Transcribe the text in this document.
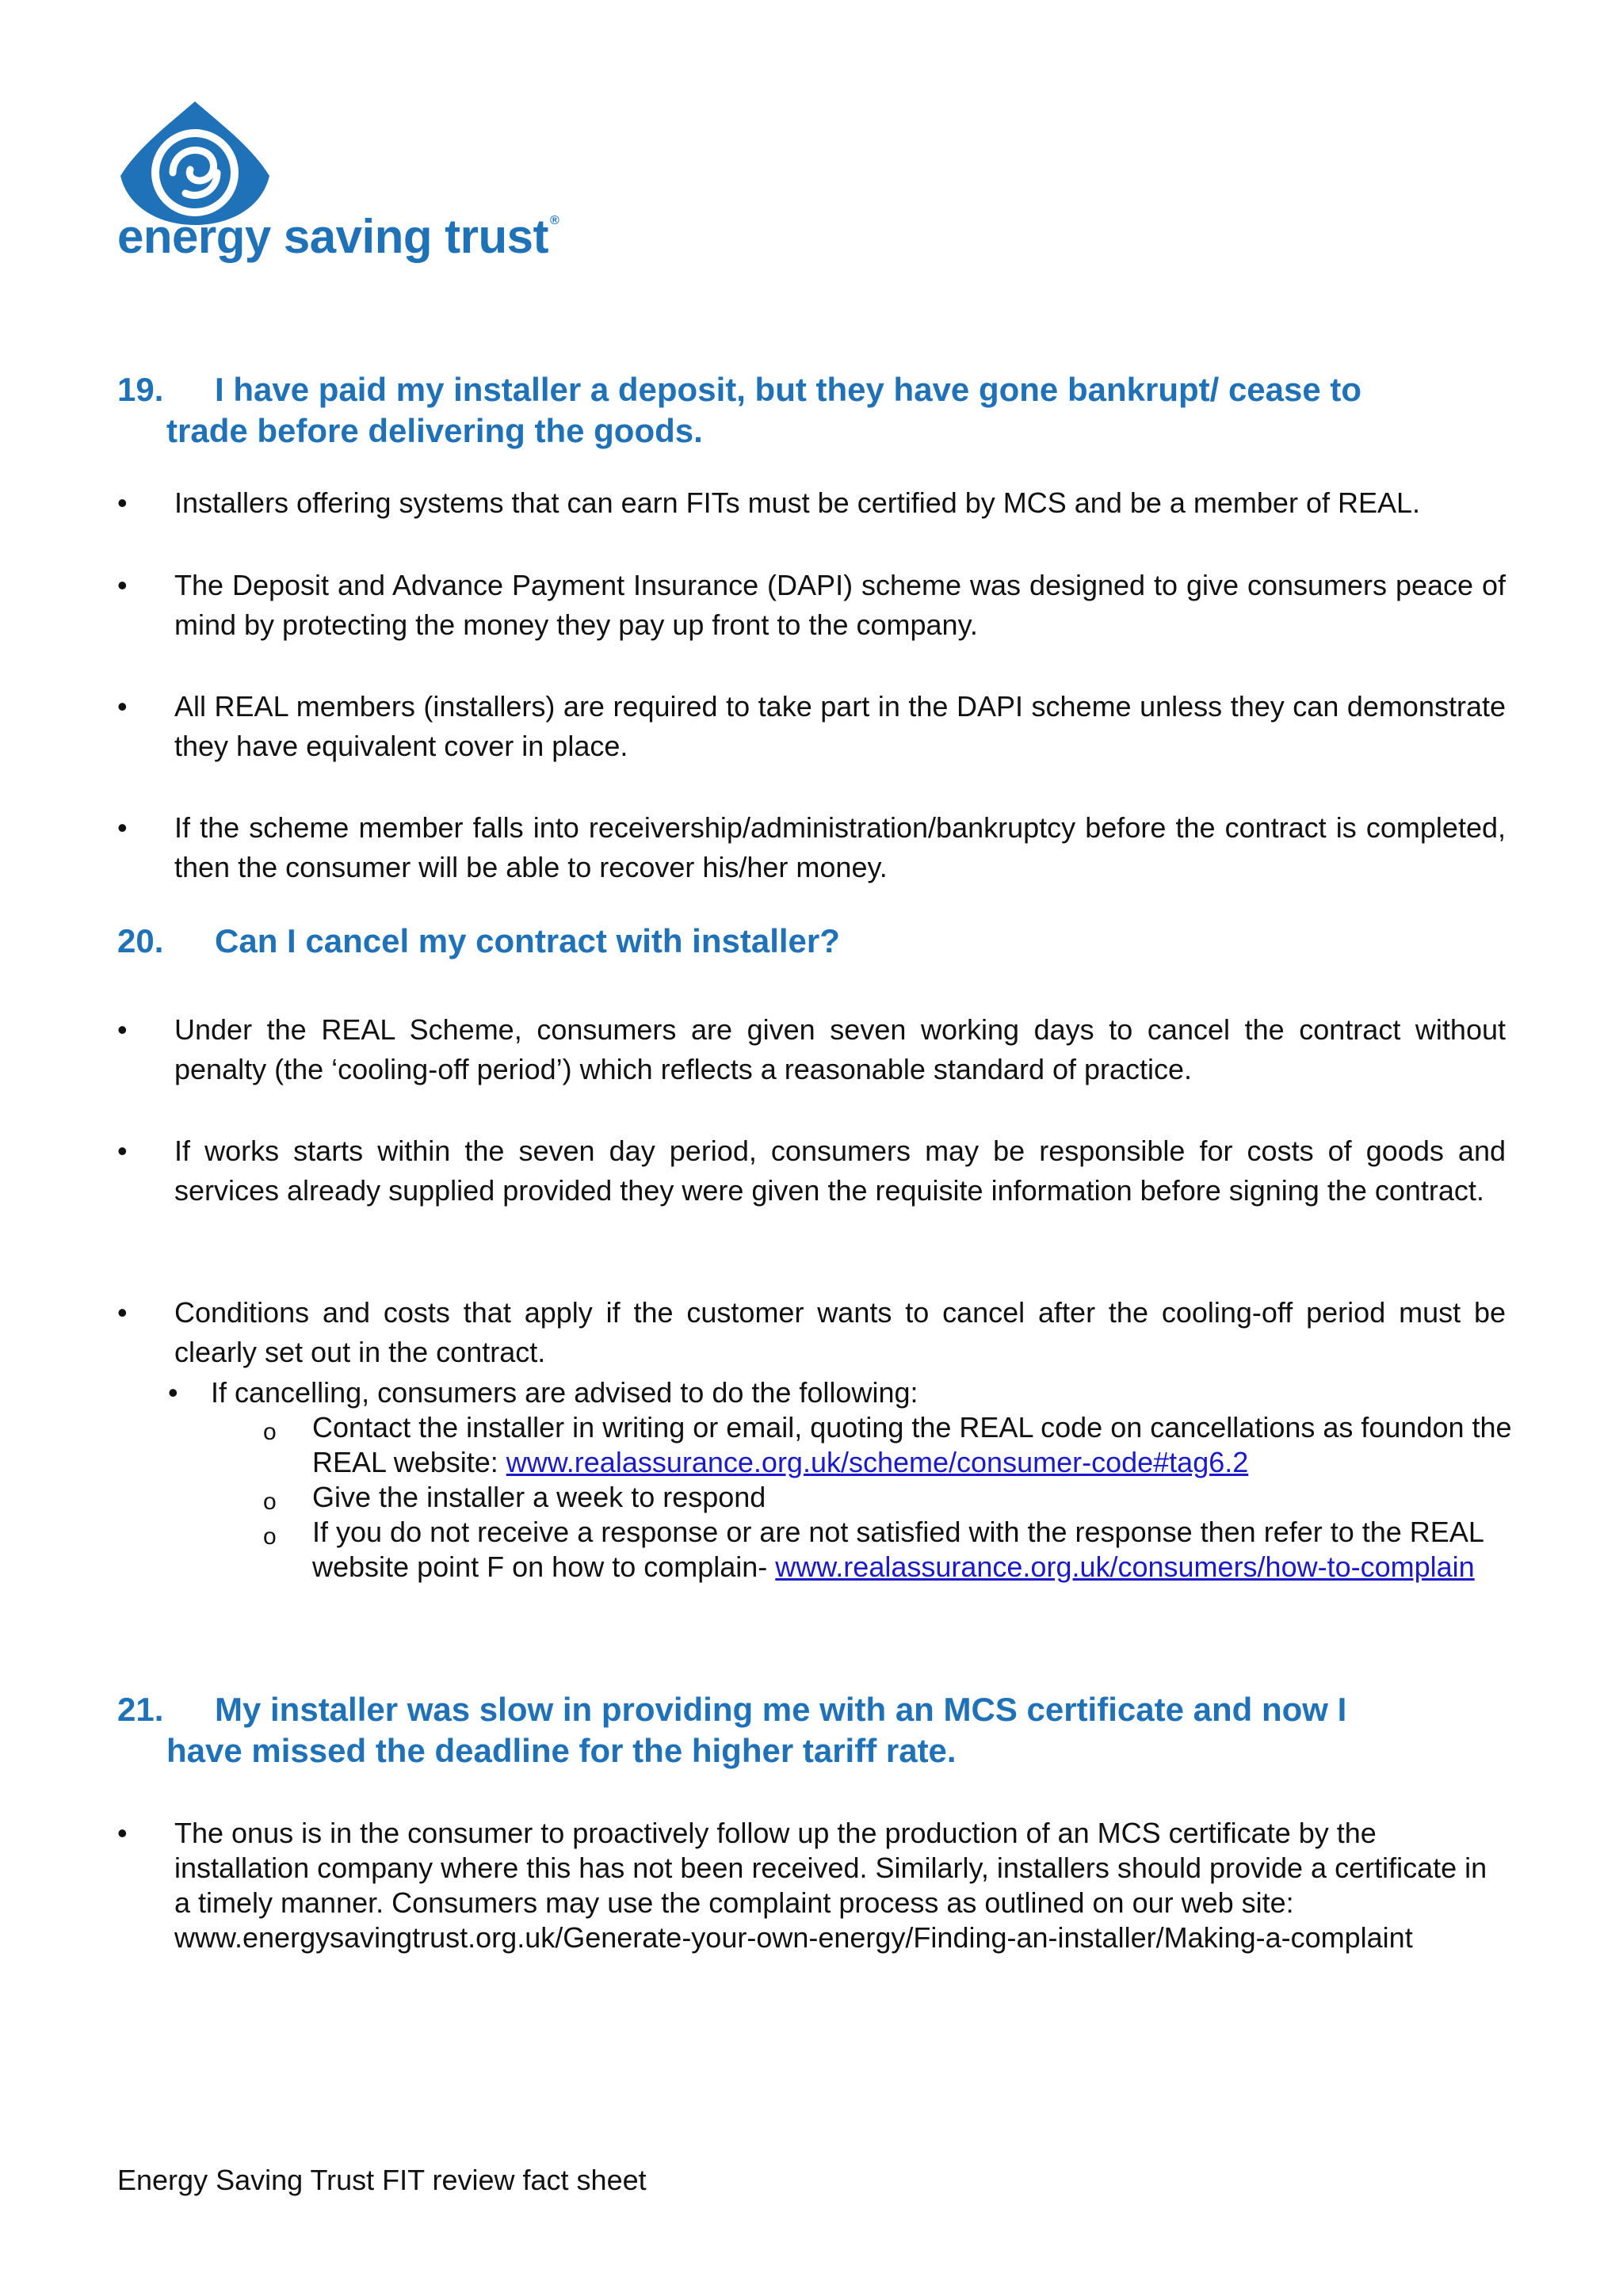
energy saving trust ®
19. I have paid my installer a deposit, but they have gone bankrupt/ cease to
trade before delivering the goods.
• Installers offering systems that can earn FITs must be certified by MCS and be a member of REAL.
• The Deposit and Advance Payment Insurance (DAPI) scheme was designed to give consumers peace of mind by protecting the money they pay up front to the company.
• All REAL members (installers) are required to take part in the DAPI scheme unless they can demonstrate they have equivalent cover in place.
• If the scheme member falls into receivership/administration/bankruptcy before the contract is completed, then the consumer will be able to recover his/her money.
20. Can I cancel my contract with installer?
• Under the REAL Scheme, consumers are given seven working days to cancel the contract without penalty (the ‘cooling-off period’) which reflects a reasonable standard of practice.
• If works starts within the seven day period, consumers may be responsible for costs of goods and services already supplied provided they were given the requisite information before signing the contract.
• Conditions and costs that apply if the customer wants to cancel after the cooling-off period must be clearly set out in the contract.
• If cancelling, consumers are advised to do the following:
o Contact the installer in writing or email, quoting the REAL code on cancellations as foundon the REAL website: www.realassurance.org.uk/scheme/consumer-code#tag6.2
o Give the installer a week to respond
o If you do not receive a response or are not satisfied with the response then refer to the REAL website point F on how to complain- www.realassurance.org.uk/consumers/how-to-complain
21. My installer was slow in providing me with an MCS certificate and now I
have missed the deadline for the higher tariff rate.
• The onus is in the consumer to proactively follow up the production of an MCS certificate by the installation company where this has not been received. Similarly, installers should provide a certificate in a timely manner. Consumers may use the complaint process as outlined on our web site: www.energysavingtrust.org.uk/Generate-your-own-energy/Finding-an-installer/Making-a-complaint
Energy Saving Trust FIT review fact sheet
